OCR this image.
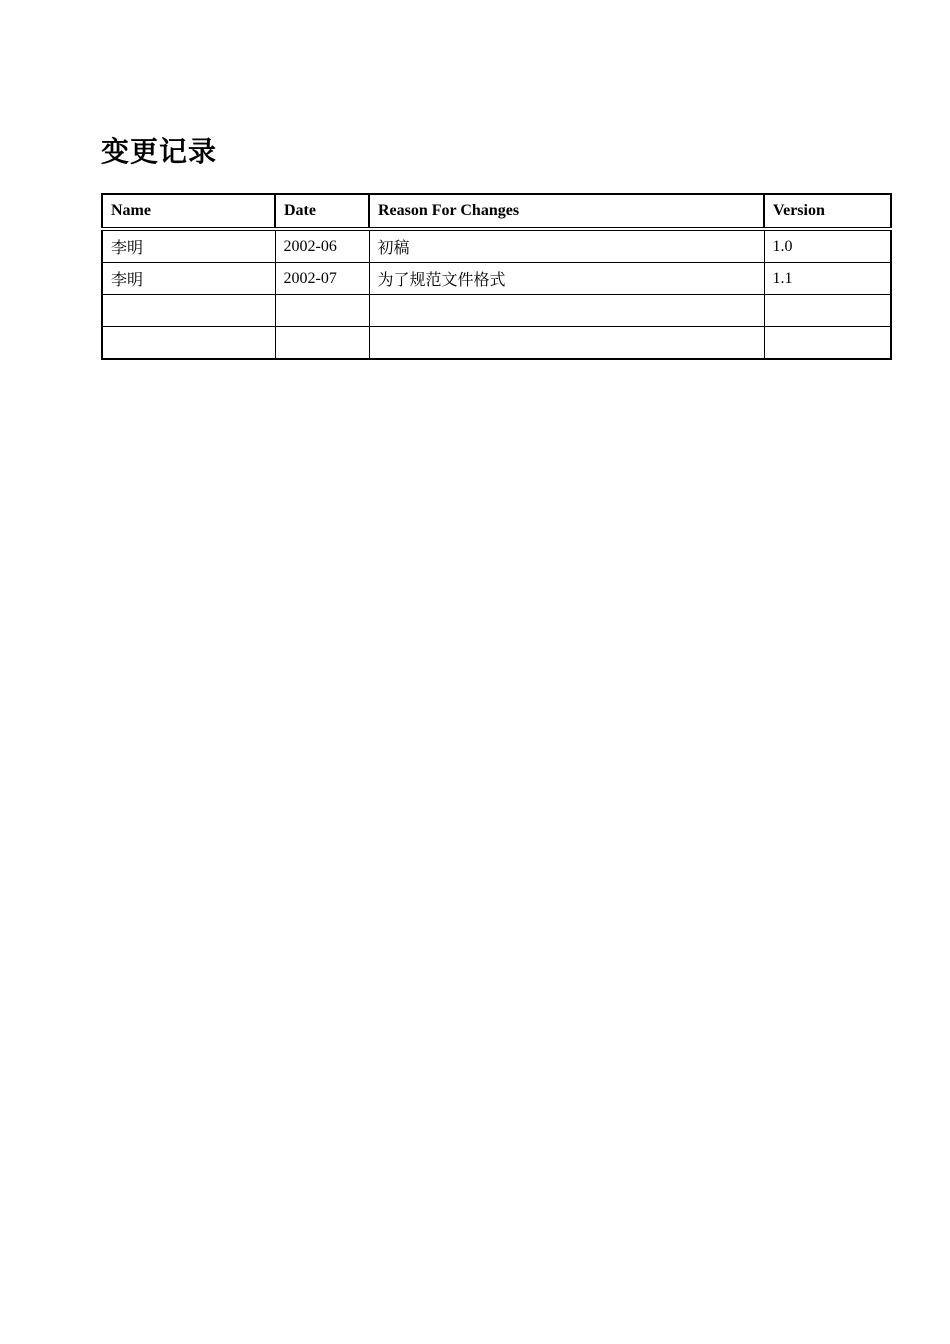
变更记录
Name	Date	Reason For Changes	Version
李明	2002-06	初稿	1.0
李明	2002-07	为了规范文件格式	1.1
